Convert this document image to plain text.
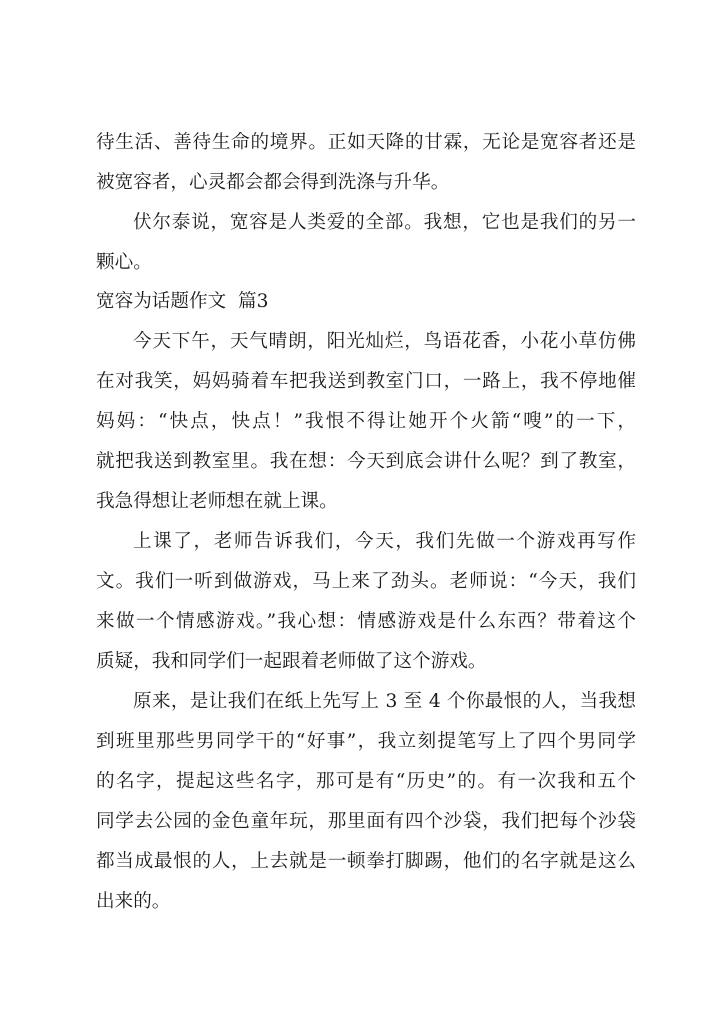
待生活、善待生命的境界。正如天降的甘霖，无论是宽容者还是
被宽容者，心灵都会都会得到洗涤与升华。
伏尔泰说，宽容是人类爱的全部。我想，它也是我们的另一
颗心。
宽容为话题作文  篇3
今天下午，天气晴朗，阳光灿烂，鸟语花香，小花小草仿佛
在对我笑，妈妈骑着车把我送到教室门口，一路上，我不停地催
妈妈：“快点，快点！”我恨不得让她开个火箭“嗖”的一下，
就把我送到教室里。我在想：今天到底会讲什么呢？到了教室，
我急得想让老师想在就上课。
上课了，老师告诉我们，今天，我们先做一个游戏再写作
文。我们一听到做游戏，马上来了劲头。老师说：“今天，我们
来做一个情感游戏。”我心想：情感游戏是什么东西？带着这个
质疑，我和同学们一起跟着老师做了这个游戏。
原来，是让我们在纸上先写上 3 至 4 个你最恨的人，当我想
到班里那些男同学干的“好事”，我立刻提笔写上了四个男同学
的名字，提起这些名字，那可是有“历史”的。有一次我和五个
同学去公园的金色童年玩，那里面有四个沙袋，我们把每个沙袋
都当成最恨的人，上去就是一顿拳打脚踢，他们的名字就是这么
出来的。
